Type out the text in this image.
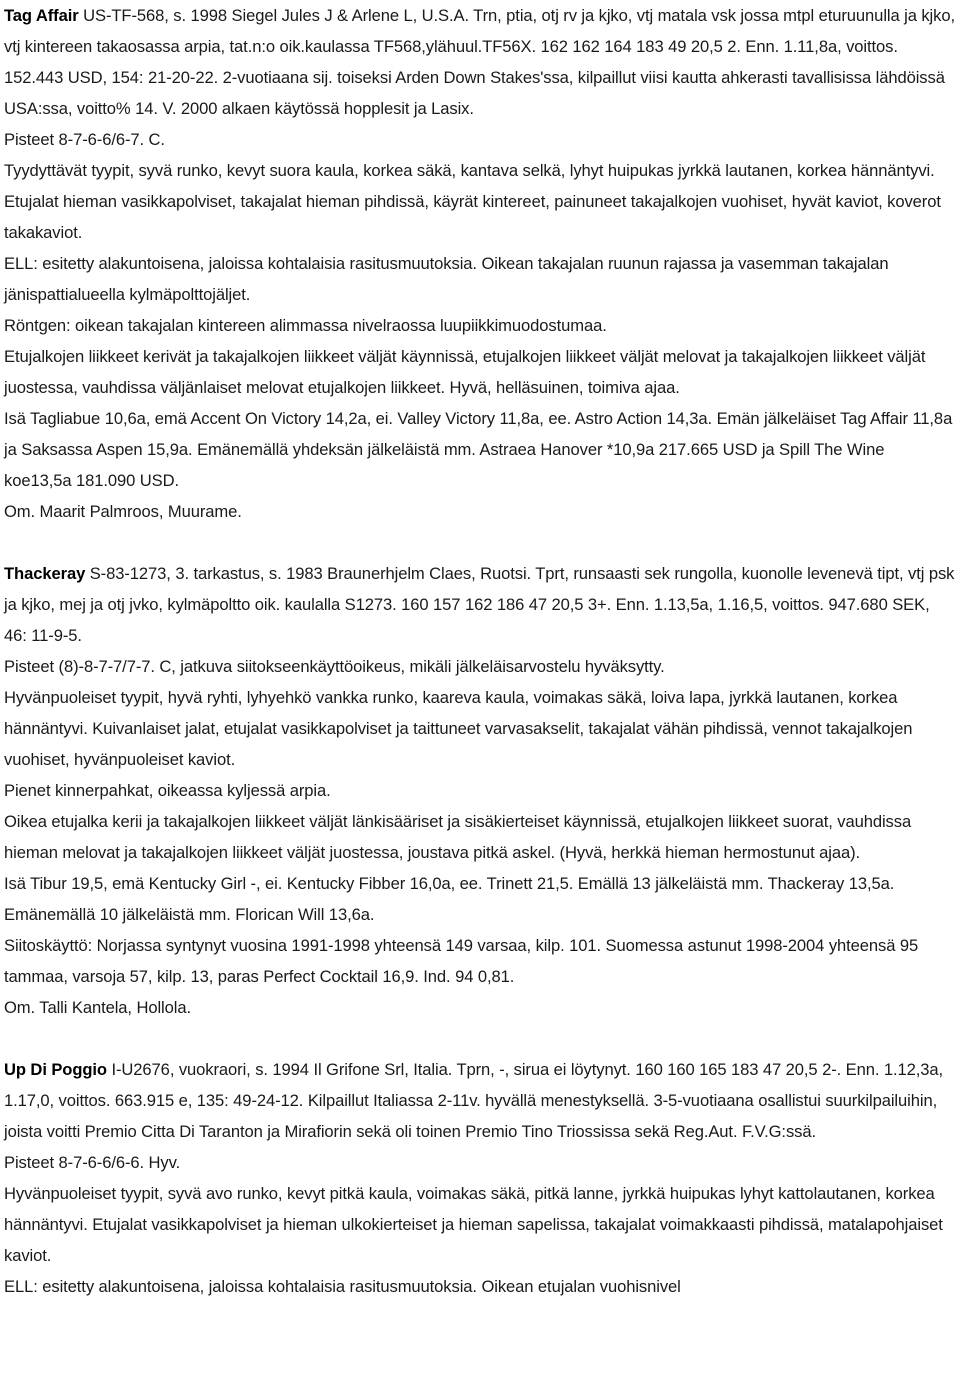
Tag Affair US-TF-568, s. 1998 Siegel Jules J & Arlene L, U.S.A. Trn, ptia, otj rv ja kjko, vtj matala vsk jossa mtpl eturuunulla ja kjko, vtj kintereen takaosassa arpia, tat.n:o oik.kaulassa TF568,ylähuul.TF56X. 162 162 164 183 49 20,5 2. Enn. 1.11,8a, voittos. 152.443 USD, 154: 21-20-22. 2-vuotiaana sij. toiseksi Arden Down Stakes'ssa, kilpaillut viisi kautta ahkerasti tavallisissa lähdöissä USA:ssa, voitto% 14. V. 2000 alkaen käytössä hopplesit ja Lasix.
Pisteet 8-7-6-6/6-7. C.
Tyydyttävät tyypit, syvä runko, kevyt suora kaula, korkea säkä, kantava selkä, lyhyt huipukas jyrkkä lautanen, korkea hännäntyvi. Etujalat hieman vasikkapolviset, takajalat hieman pihdissä, käyrät kintereet, painuneet takajalkojen vuohiset, hyvät kaviot, koverot takakaviot.
ELL: esitetty alakuntoisena, jaloissa kohtalaisia rasitusmuutoksia. Oikean takajalan ruunun rajassa ja vasemman takajalan jänispattialueella kylmäpolttojäljet.
Röntgen: oikean takajalan kintereen alimmassa nivelraossa luupiikkimuodostumaa.
Etujalkojen liikkeet kerivät ja takajalkojen liikkeet väljät käynnissä, etujalkojen liikkeet väljät melovat ja takajalkojen liikkeet väljät juostessa, vauhdissa väljänlaiset melovat etujalkojen liikkeet. Hyvä, helläsuinen, toimiva ajaa.
Isä Tagliabue 10,6a, emä Accent On Victory 14,2a, ei. Valley Victory 11,8a, ee. Astro Action 14,3a. Emän jälkeläiset Tag Affair 11,8a ja Saksassa Aspen 15,9a. Emänemällä yhdeksän jälkeläistä mm. Astraea Hanover *10,9a 217.665 USD ja Spill The Wine koe13,5a 181.090 USD.
Om. Maarit Palmroos, Muurame.
Thackeray S-83-1273, 3. tarkastus, s. 1983 Braunerhjelm Claes, Ruotsi. Tprt, runsaasti sek rungolla, kuonolle levenevä tipt, vtj psk ja kjko, mej ja otj jvko, kylmäpoltto oik. kaulalla S1273. 160 157 162 186 47 20,5 3+. Enn. 1.13,5a, 1.16,5, voittos. 947.680 SEK, 46: 11-9-5.
Pisteet (8)-8-7-7/7-7. C, jatkuva siitokseenkäyttöoikeus, mikäli jälkeläisarvostelu hyväksytty.
Hyvänpuoleiset tyypit, hyvä ryhti, lyhyehkö vankka runko, kaareva kaula, voimakas säkä, loiva lapa, jyrkkä lautanen, korkea hännäntyvi. Kuivanlaiset jalat, etujalat vasikkapolviset ja taittuneet varvasakselit, takajalat vähän pihdissä, vennot takajalkojen vuohiset, hyvänpuoleiset kaviot.
Pienet kinnerpahkat, oikeassa kyljessä arpia.
Oikea etujalka kerii ja takajalkojen liikkeet väljät länkisääriset ja sisäkierteiset käynnissä, etujalkojen liikkeet suorat, vauhdissa hieman melovat ja takajalkojen liikkeet väljät juostessa, joustava pitkä askel. (Hyvä, herkkä hieman hermostunut ajaa).
Isä Tibur 19,5, emä Kentucky Girl -, ei. Kentucky Fibber 16,0a, ee. Trinett 21,5. Emällä 13 jälkeläistä mm. Thackeray 13,5a. Emänemällä 10 jälkeläistä mm. Florican Will 13,6a.
Siitoskäyttö: Norjassa syntynyt vuosina 1991-1998 yhteensä 149 varsaa, kilp. 101. Suomessa astunut 1998-2004 yhteensä 95 tammaa, varsoja 57, kilp. 13, paras Perfect Cocktail 16,9. Ind. 94 0,81.
Om. Talli Kantela, Hollola.
Up Di Poggio I-U2676, vuokraori, s. 1994 Il Grifone Srl, Italia. Tprn, -, sirua ei löytynyt. 160 160 165 183 47 20,5 2-. Enn. 1.12,3a, 1.17,0, voittos. 663.915 e, 135: 49-24-12. Kilpaillut Italiassa 2-11v. hyvällä menestyksellä. 3-5-vuotiaana osallistui suurkilpailuihin, joista voitti Premio Citta Di Taranton ja Mirafiorin sekä oli toinen Premio Tino Triossissa sekä Reg.Aut. F.V.G:ssä.
Pisteet 8-7-6-6/6-6. Hyv.
Hyvänpuoleiset tyypit, syvä avo runko, kevyt pitkä kaula, voimakas säkä, pitkä lanne, jyrkkä huipukas lyhyt kattolautanen, korkea hännäntyvi. Etujalat vasikkapolviset ja hieman ulkokierteiset ja hieman sapelissa, takajalat voimakkaasti pihdissä, matalapohjaiset kaviot.
ELL: esitetty alakuntoisena, jaloissa kohtalaisia rasitusmuutoksia. Oikean etujalan vuohisnivel
